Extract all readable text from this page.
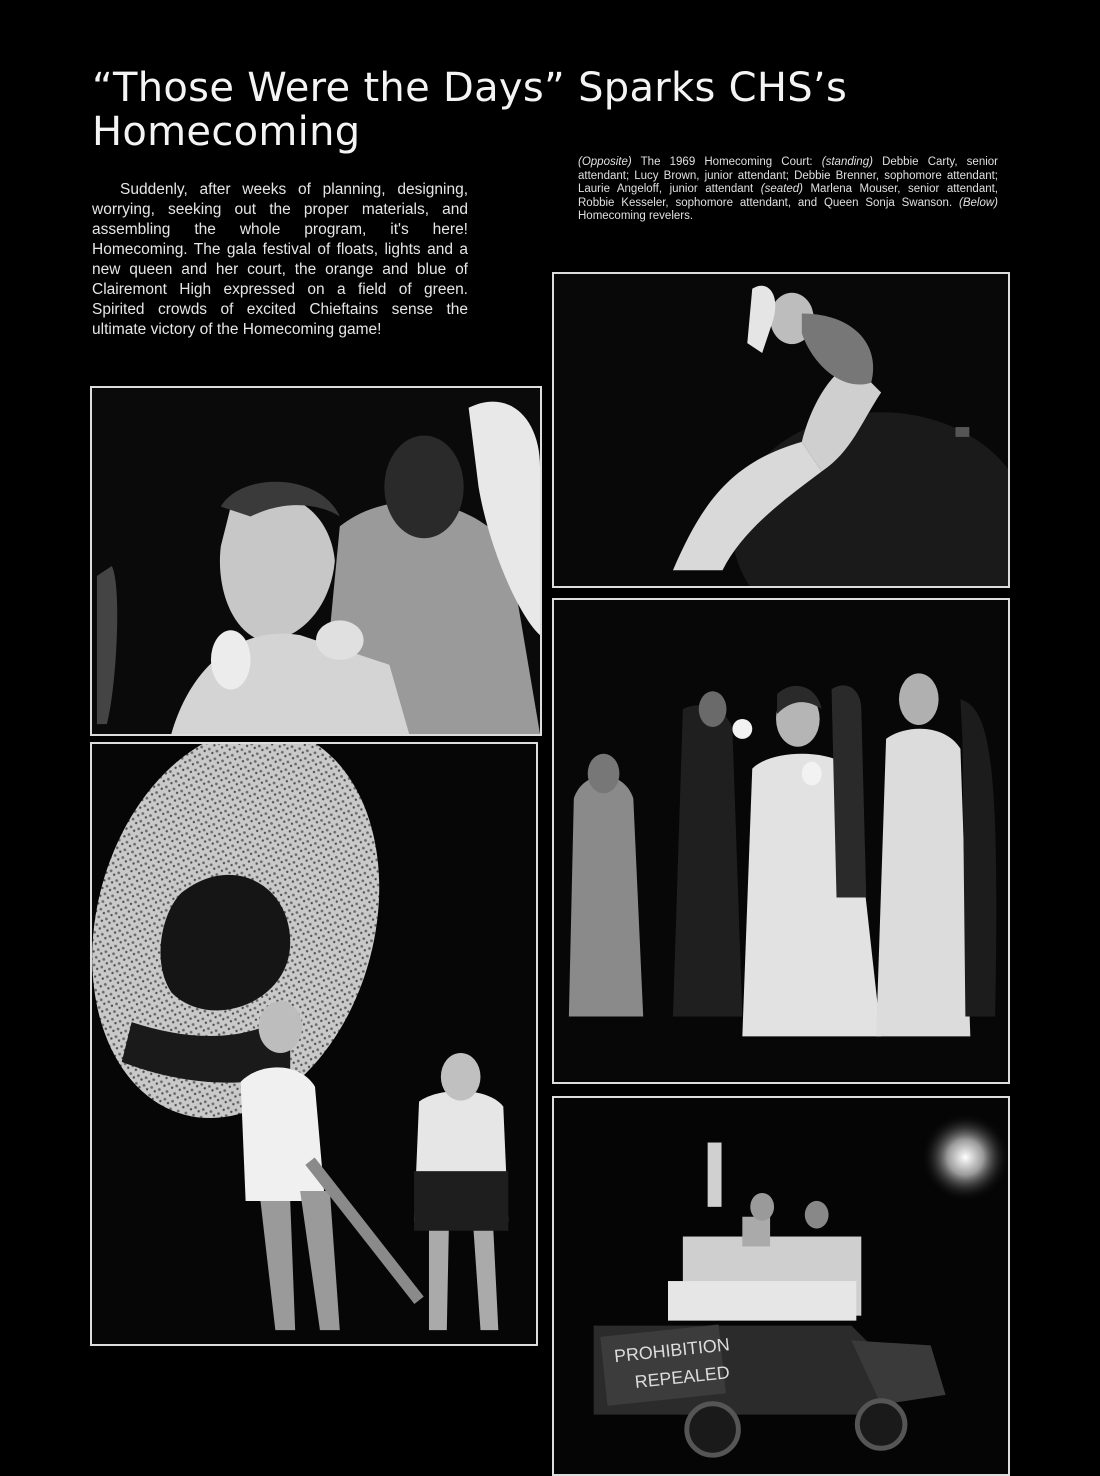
“Those Were the Days” Sparks CHS’s Homecoming

Suddenly, after weeks of planning, designing, worrying, seeking out the proper materials, and assembling the whole program, it's here! Homecoming. The gala festival of floats, lights and a new queen and her court, the orange and blue of Clairemont High expressed on a field of green. Spirited crowds of excited Chieftains sense the ultimate victory of the Homecoming game!

(Opposite) The 1969 Homecoming Court: (standing) Debbie Carty, senior attendant; Lucy Brown, junior attendant; Debbie Brenner, sophomore attendant; Laurie Angeloff, junior attendant (seated) Marlena Mouser, senior attendant, Robbie Kesseler, sophomore attendant, and Queen Sonja Swanson. (Below) Homecoming revelers.

PROHIBITION
REPEALED
